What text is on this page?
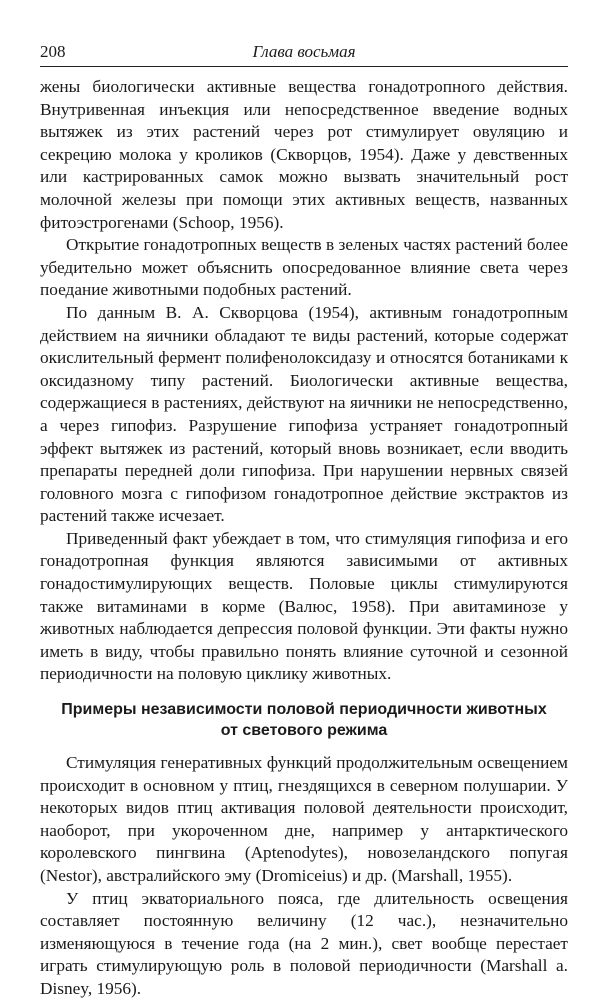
208	Глава восьмая

жены биологически активные вещества гонадотропного действия. Внутривенная инъекция или непосредственное введение водных вытяжек из этих растений через рот стимулирует овуляцию и секрецию молока у кроликов (Скворцов, 1954). Даже у девственных или кастрированных самок можно вызвать значительный рост молочной железы при помощи этих активных веществ, названных фитоэстрогенами (Schoop, 1956).

Открытие гонадотропных веществ в зеленых частях растений более убедительно может объяснить опосредованное влияние света через поедание животными подобных растений.

По данным В. А. Скворцова (1954), активным гонадотропным действием на яичники обладают те виды растений, которые содержат окислительный фермент полифенолоксидазу и относятся ботаниками к оксидазному типу растений. Биологически активные вещества, содержащиеся в растениях, действуют на яичники не непосредственно, а через гипофиз. Разрушение гипофиза устраняет гонадотропный эффект вытяжек из растений, который вновь возникает, если вводить препараты передней доли гипофиза. При нарушении нервных связей головного мозга с гипофизом гонадотропное действие экстрактов из растений также исчезает.

Приведенный факт убеждает в том, что стимуляция гипофиза и его гонадотропная функция являются зависимыми от активных гонадостимулирующих веществ. Половые циклы стимулируются также витаминами в корме (Валюс, 1958). При авитаминозе у животных наблюдается депрессия половой функции. Эти факты нужно иметь в виду, чтобы правильно понять влияние суточной и сезонной периодичности на половую циклику животных.

Примеры независимости половой периодичности животных
от светового режима

Стимуляция генеративных функций продолжительным освещением происходит в основном у птиц, гнездящихся в северном полушарии. У некоторых видов птиц активация половой деятельности происходит, наоборот, при укороченном дне, например у антарктического королевского пингвина (Aptenodytes), новозеландского попугая (Nestor), австралийского эму (Dromiceius) и др. (Marshall, 1955).

У птиц экваториального пояса, где длительность освещения составляет постоянную величину (12 час.), незначительно изменяющуюся в течение года (на 2 мин.), свет вообще перестает играть стимулирующую роль в половой периодичности (Marshall a. Disney, 1956).
